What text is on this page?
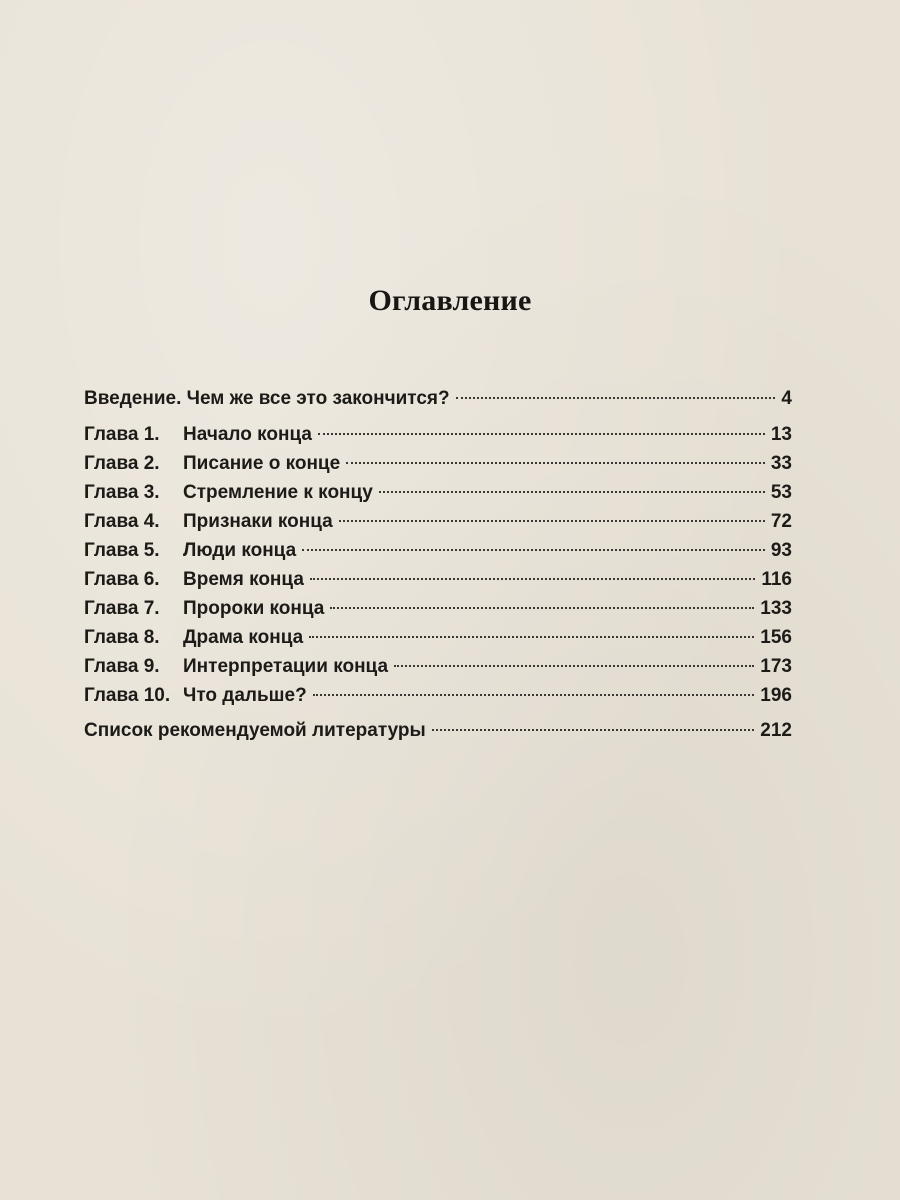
Оглавление
Введение. Чем же все это закончится?	4
Глава 1.	Начало конца	13
Глава 2.	Писание о конце	33
Глава 3.	Стремление к концу	53
Глава 4.	Признаки конца	72
Глава 5.	Люди конца	93
Глава 6.	Время конца	116
Глава 7.	Пророки конца	133
Глава 8.	Драма конца	156
Глава 9.	Интерпретации конца	173
Глава 10. Что дальше?	196
Список рекомендуемой литературы	212
